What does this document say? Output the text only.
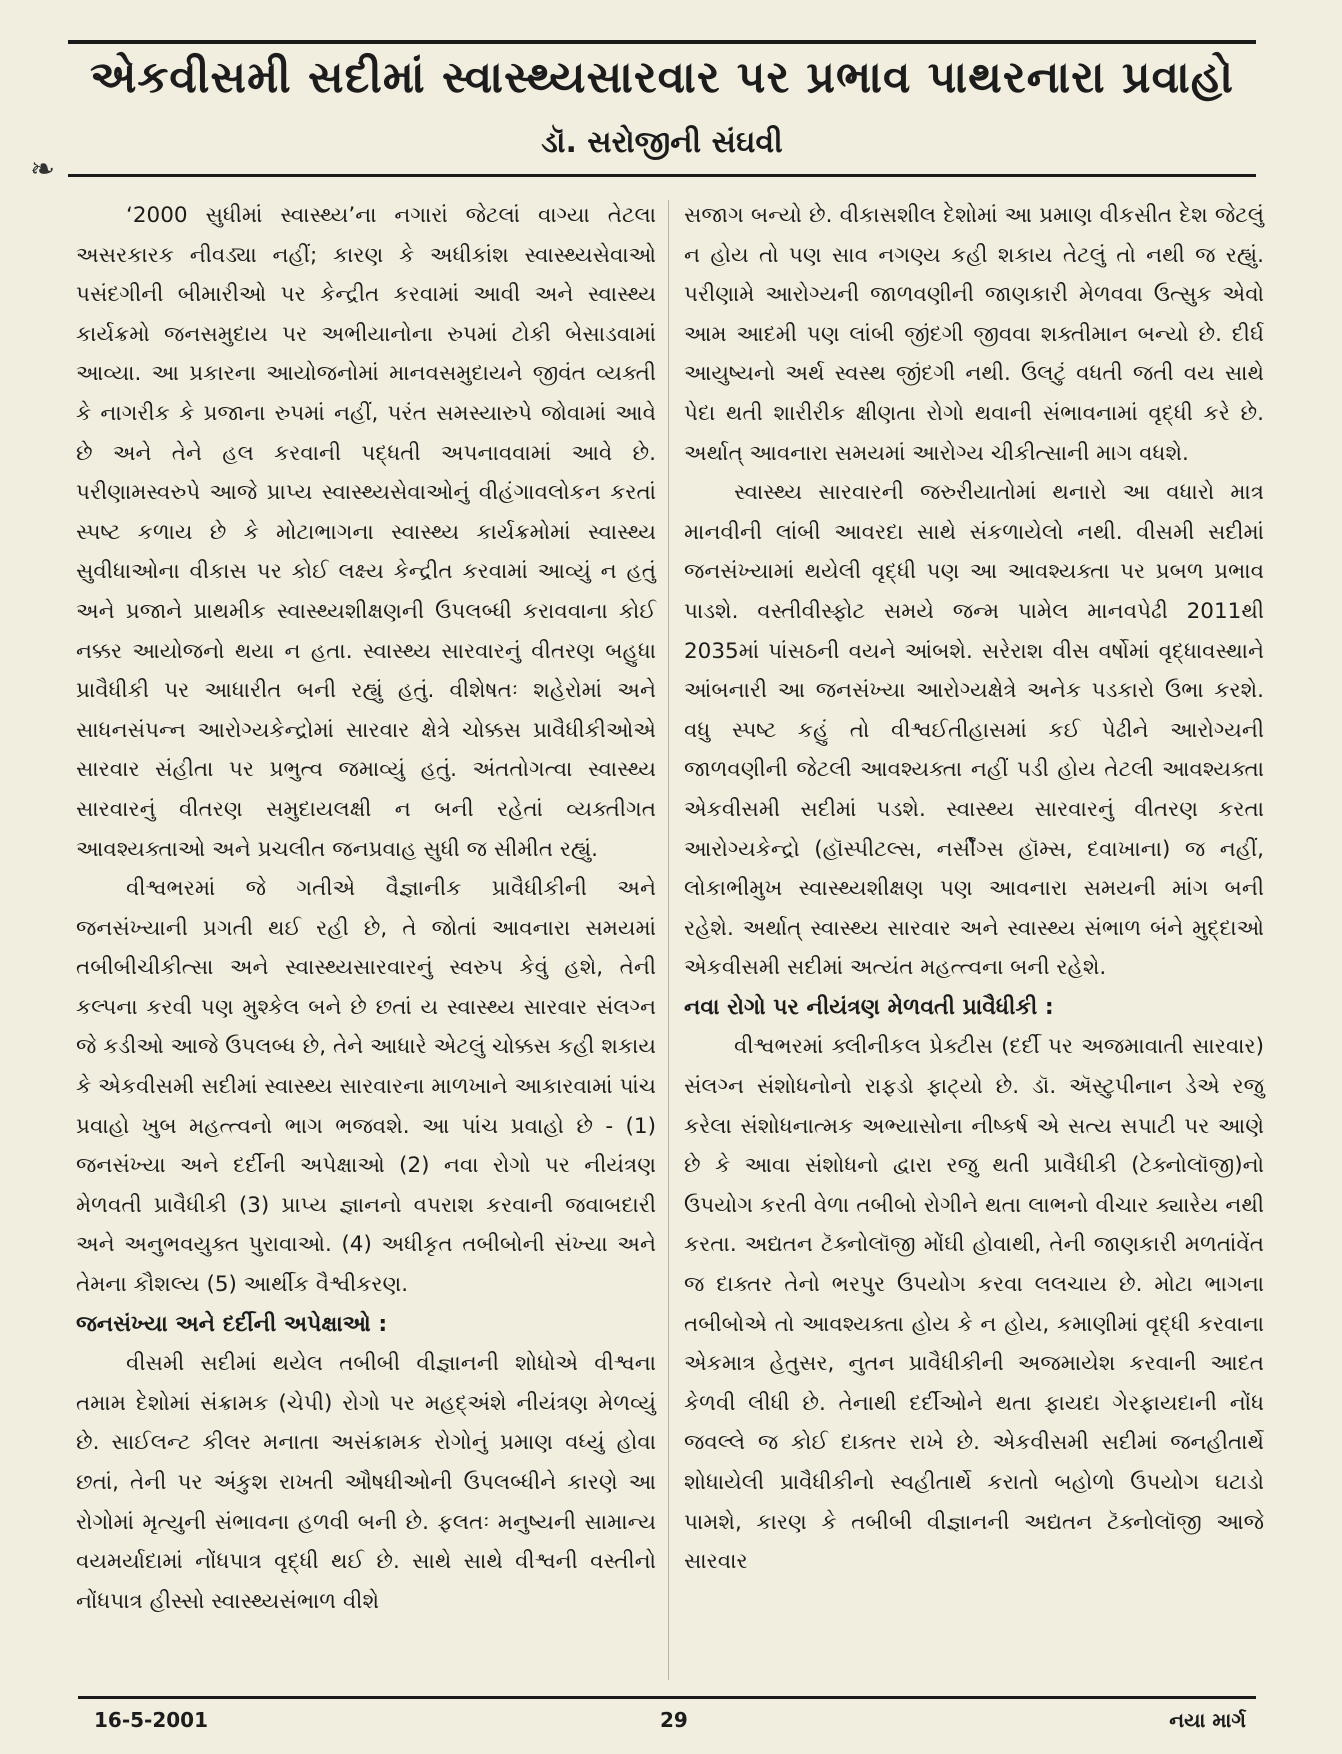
એકવીસમી સદીમાં સ્વાસ્થ્યસારવાર પર પ્રભાવ પાથરનારા પ્રવાહો
ડૉ. સરોજીની સંઘવી
❧

‘2000 સુધીમાં સ્વાસ્થ્ય’ના નગારાં જેટલાં વાગ્યા તેટલા અસરકારક નીવડ્યા નહીં; કારણ કે અધીકાંશ સ્વાસ્થ્યસેવાઓ પસંદગીની બીમારીઓ પર કેન્દ્રીત કરવામાં આવી અને સ્વાસ્થ્ય કાર્યક્રમો જનસમુદાય પર અભીયાનોના રુપમાં ટોકી બેસાડવામાં આવ્યા. આ પ્રકારના આયોજનોમાં માનવસમુદાયને જીવંત વ્યક્તી કે નાગરીક કે પ્રજાના રુપમાં નહીં, પરંત સમસ્યારુપે જોવામાં આવે છે અને તેને હલ કરવાની પદ્ધતી અપનાવવામાં આવે છે. પરીણામસ્વરુપે આજે પ્રાપ્ય સ્વાસ્થ્યસેવાઓનું વીહંગાવલોકન કરતાં સ્પષ્ટ કળાય છે કે મોટાભાગના સ્વાસ્થ્ય કાર્યક્રમોમાં સ્વાસ્થ્ય સુવીધાઓના વીકાસ પર કોઈ લક્ષ્ય કેન્દ્રીત કરવામાં આવ્યું ન હતું અને પ્રજાને પ્રાથમીક સ્વાસ્થ્યશીક્ષણની ઉપલબ્ધી કરાવવાના કોઈ નક્કર આયોજનો થયા ન હતા. સ્વાસ્થ્ય સારવારનું વીતરણ બહુધા પ્રાવૈધીકી પર આધારીત બની રહ્યું હતું. વીશેષતઃ શહેરોમાં અને સાધનસંપન્ન આરોગ્યકેન્દ્રોમાં સારવાર ક્ષેત્રે ચોક્કસ પ્રાવૈધીકીઓએ સારવાર સંહીતા પર પ્રભુત્વ જમાવ્યું હતું. અંતતોગત્વા સ્વાસ્થ્ય સારવારનું વીતરણ સમુદાયલક્ષી ન બની રહેતાં વ્યક્તીગત આવશ્યક્તાઓ અને પ્રચલીત જનપ્રવાહ સુધી જ સીમીત રહ્યું.

વીશ્વભરમાં જે ગતીએ વૈજ્ઞાનીક પ્રાવૈધીકીની અને જનસંખ્યાની પ્રગતી થઈ રહી છે, તે જોતાં આવનારા સમયમાં તબીબીચીકીત્સા અને સ્વાસ્થ્યસારવારનું સ્વરુપ કેવું હશે, તેની કલ્પના કરવી પણ મુશ્કેલ બને છે છતાં ય સ્વાસ્થ્ય સારવાર સંલગ્ન જે કડીઓ આજે ઉપલબ્ધ છે, તેને આધારે એટલું ચોક્કસ કહી શકાય કે એકવીસમી સદીમાં સ્વાસ્થ્ય સારવારના માળખાને આકારવામાં પાંચ પ્રવાહો ખુબ મહત્ત્વનો ભાગ ભજવશે. આ પાંચ પ્રવાહો છે - (1) જનસંખ્યા અને દર્દીની અપેક્ષાઓ (2) નવા રોગો પર નીયંત્રણ મેળવતી પ્રાવૈધીકી (3) પ્રાપ્ય જ્ઞાનનો વપરાશ કરવાની જવાબદારી અને અનુભવયુક્ત પુરાવાઓ. (4) અધીકૃત તબીબોની સંખ્યા અને તેમના કૌશલ્ય (5) આર્થીક વૈશ્વીકરણ.

જનસંખ્યા અને દર્દીની અપેક્ષાઓ :

વીસમી સદીમાં થયેલ તબીબી વીજ્ઞાનની શોધોએ વીશ્વના તમામ દેશોમાં સંક્રામક (ચેપી) રોગો પર મહદ્‌અંશે નીયંત્રણ મેળવ્યું છે. સાઈલન્ટ કીલર મનાતા અસંક્રામક રોગોનું પ્રમાણ વધ્યું હોવા છતાં, તેની પર અંકુશ રાખતી ઔષધીઓની ઉપલબ્ધીને કારણે આ રોગોમાં મૃત્યુની સંભાવના હળવી બની છે. ફલતઃ મનુષ્યની સામાન્ય વયમર્યાદામાં નોંધપાત્ર વૃદ્ધી થઈ છે. સાથે સાથે વીશ્વની વસ્તીનો નોંધપાત્ર હીસ્સો સ્વાસ્થ્યસંભાળ વીશે

સજાગ બન્યો છે. વીકાસશીલ દેશોમાં આ પ્રમાણ વીકસીત દેશ જેટલું ન હોય તો પણ સાવ નગણ્ય કહી શકાય તેટલું તો નથી જ રહ્યું. પરીણામે આરોગ્યની જાળવણીની જાણકારી મેળવવા ઉત્સુક એવો આમ આદમી પણ લાંબી જીંદગી જીવવા શક્તીમાન બન્યો છે. દીર્ઘ આયુષ્યનો અર્થ સ્વસ્થ જીંદગી નથી. ઉલટું વધતી જતી વય સાથે પેદા થતી શારીરીક ક્ષીણતા રોગો થવાની સંભાવનામાં વૃદ્ધી કરે છે. અર્થાત્ આવનારા સમયમાં આરોગ્ય ચીકીત્સાની માગ વધશે.

સ્વાસ્થ્ય સારવારની જરુરીયાતોમાં થનારો આ વધારો માત્ર માનવીની લાંબી આવરદા સાથે સંકળાયેલો નથી. વીસમી સદીમાં જનસંખ્યામાં થયેલી વૃદ્ધી પણ આ આવશ્યક્તા પર પ્રબળ પ્રભાવ પાડશે. વસ્તીવીસ્ફોટ સમયે જન્મ પામેલ માનવપેઢી 2011થી 2035માં પાંસઠની વયને આંબશે. સરેરાશ વીસ વર્ષોમાં વૃદ્ધાવસ્થાને આંબનારી આ જનસંખ્યા આરોગ્યક્ષેત્રે અનેક પડકારો ઉભા કરશે. વધુ સ્પષ્ટ કહું તો વીશ્વઈતીહાસમાં કઈ પેઢીને આરોગ્યની જાળવણીની જેટલી આવશ્યક્તા નહીં પડી હોય તેટલી આવશ્યક્તા એકવીસમી સદીમાં પડશે. સ્વાસ્થ્ય સારવારનું વીતરણ કરતા આરોગ્યકેન્દ્રો (હૉસ્પીટલ્સ, નર્સીંગ્સ હૉમ્સ, દવાખાના) જ નહીં, લોકાભીમુખ સ્વાસ્થ્યશીક્ષણ પણ આવનારા સમયની માંગ બની રહેશે. અર્થાત્ સ્વાસ્થ્ય સારવાર અને સ્વાસ્થ્ય સંભાળ બંને મુદ્દાઓ એકવીસમી સદીમાં અત્યંત મહત્ત્વના બની રહેશે.

નવા રોગો પર નીયંત્રણ મેળવતી પ્રાવૈધીકી :

વીશ્વભરમાં ક્લીનીકલ પ્રેક્ટીસ (દર્દી પર અજમાવાતી સારવાર) સંલગ્ન સંશોધનોનો રાફડો ફાટ્યો છે. ડૉ. ઍસ્ટુપીનાન ડેએ રજુ કરેલા સંશોધનાત્મક અભ્યાસોના નીષ્કર્ષ એ સત્ય સપાટી પર આણે છે કે આવા સંશોધનો દ્વારા રજુ થતી પ્રાવૈધીકી (ટેક્નોલૉજી)નો ઉપયોગ કરતી વેળા તબીબો રોગીને થતા લાભનો વીચાર ક્યારેય નથી કરતા. અદ્યતન ટૅક્નોલૉજી મોંઘી હોવાથી, તેની જાણકારી મળતાંવેંત જ દાક્તર તેનો ભરપુર ઉપયોગ કરવા લલચાય છે. મોટા ભાગના તબીબોએ તો આવશ્યક્તા હોય કે ન હોય, કમાણીમાં વૃદ્ધી કરવાના એકમાત્ર હેતુસર, નુતન પ્રાવૈધીકીની અજમાયેશ કરવાની આદત કેળવી લીધી છે. તેનાથી દર્દીઓને થતા ફાયદા ગેરફાયદાની નોંધ જવલ્લે જ કોઈ દાક્તર રાખે છે. એકવીસમી સદીમાં જનહીતાર્થે શોધાયેલી પ્રાવૈધીકીનો સ્વહીતાર્થે કરાતો બહોળો ઉપયોગ ઘટાડો પામશે, કારણ કે તબીબી વીજ્ઞાનની અદ્યતન ટૅક્નોલૉજી આજે સારવાર

16-5-2001	29	નયા માર્ગ
